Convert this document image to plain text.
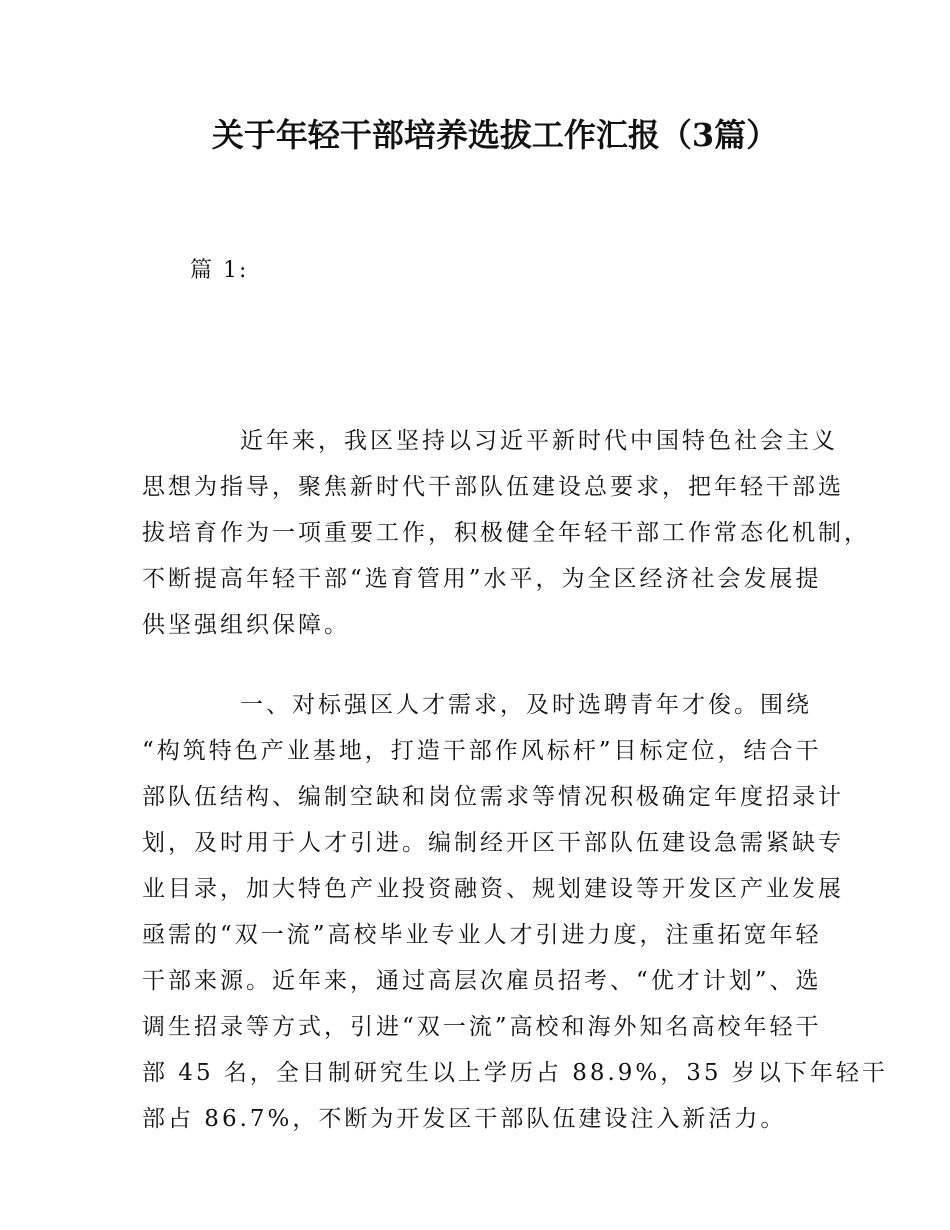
关于年轻干部培养选拔工作汇报（3篇）
篇 1:
近年来，我区坚持以习近平新时代中国特色社会主义
思想为指导，聚焦新时代干部队伍建设总要求，把年轻干部选
拔培育作为一项重要工作，积极健全年轻干部工作常态化机制，
不断提高年轻干部“选育管用”水平，为全区经济社会发展提
供坚强组织保障。
一、对标强区人才需求，及时选聘青年才俊。围绕
“构筑特色产业基地，打造干部作风标杆”目标定位，结合干
部队伍结构、编制空缺和岗位需求等情况积极确定年度招录计
划，及时用于人才引进。编制经开区干部队伍建设急需紧缺专
业目录，加大特色产业投资融资、规划建设等开发区产业发展
亟需的“双一流”高校毕业专业人才引进力度，注重拓宽年轻
干部来源。近年来，通过高层次雇员招考、“优才计划”、选
调生招录等方式，引进“双一流”高校和海外知名高校年轻干
部 45 名，全日制研究生以上学历占 88.9%，35 岁以下年轻干
部占 86.7%，不断为开发区干部队伍建设注入新活力。
